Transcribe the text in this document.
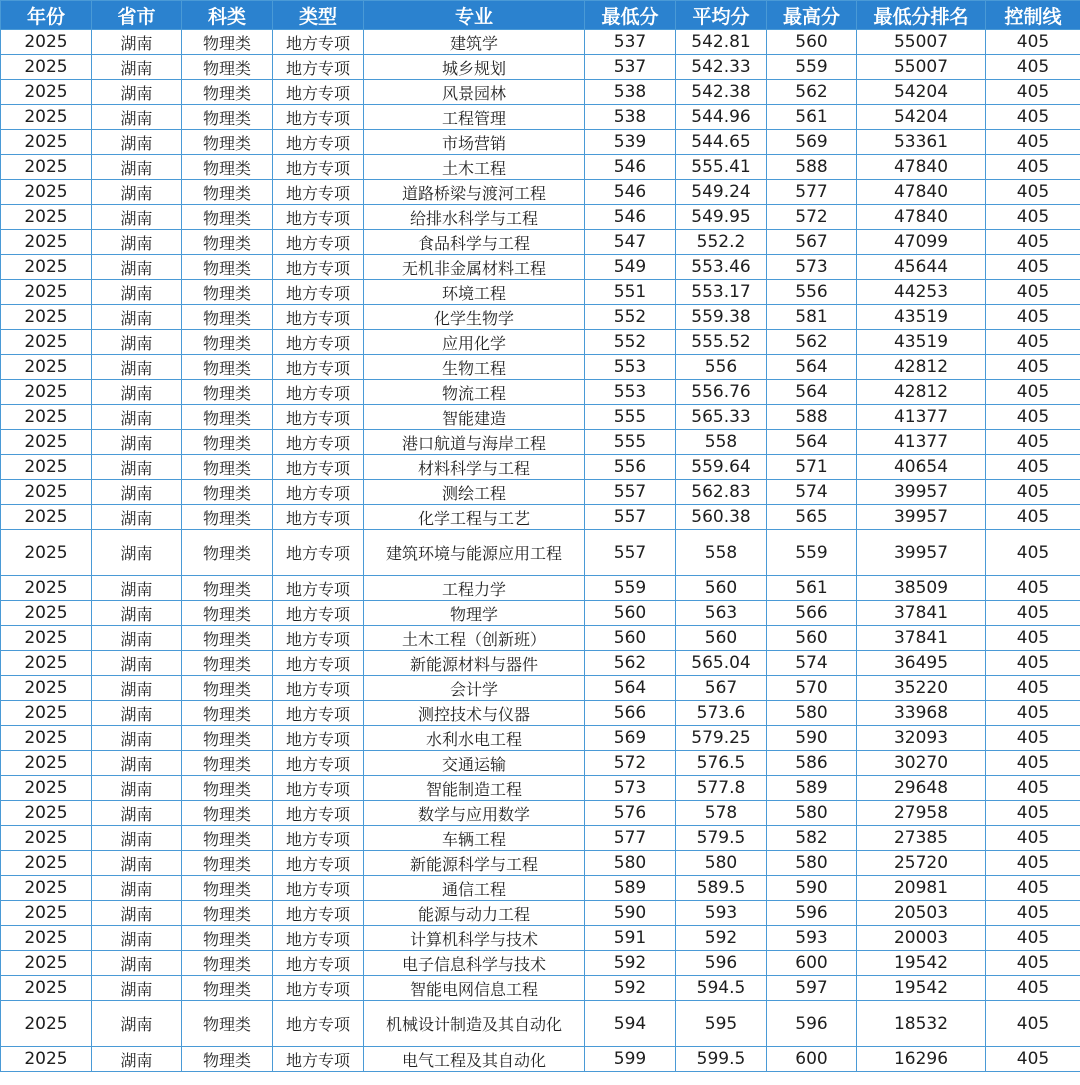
年份	省市	科类	类型	专业	最低分	平均分	最高分	最低分排名	控制线
2025	湖南	物理类	地方专项	建筑学	537	542.81	560	55007	405
2025	湖南	物理类	地方专项	城乡规划	537	542.33	559	55007	405
2025	湖南	物理类	地方专项	风景园林	538	542.38	562	54204	405
2025	湖南	物理类	地方专项	工程管理	538	544.96	561	54204	405
2025	湖南	物理类	地方专项	市场营销	539	544.65	569	53361	405
2025	湖南	物理类	地方专项	土木工程	546	555.41	588	47840	405
2025	湖南	物理类	地方专项	道路桥梁与渡河工程	546	549.24	577	47840	405
2025	湖南	物理类	地方专项	给排水科学与工程	546	549.95	572	47840	405
2025	湖南	物理类	地方专项	食品科学与工程	547	552.2	567	47099	405
2025	湖南	物理类	地方专项	无机非金属材料工程	549	553.46	573	45644	405
2025	湖南	物理类	地方专项	环境工程	551	553.17	556	44253	405
2025	湖南	物理类	地方专项	化学生物学	552	559.38	581	43519	405
2025	湖南	物理类	地方专项	应用化学	552	555.52	562	43519	405
2025	湖南	物理类	地方专项	生物工程	553	556	564	42812	405
2025	湖南	物理类	地方专项	物流工程	553	556.76	564	42812	405
2025	湖南	物理类	地方专项	智能建造	555	565.33	588	41377	405
2025	湖南	物理类	地方专项	港口航道与海岸工程	555	558	564	41377	405
2025	湖南	物理类	地方专项	材料科学与工程	556	559.64	571	40654	405
2025	湖南	物理类	地方专项	测绘工程	557	562.83	574	39957	405
2025	湖南	物理类	地方专项	化学工程与工艺	557	560.38	565	39957	405
2025	湖南	物理类	地方专项	建筑环境与能源应用工程	557	558	559	39957	405
2025	湖南	物理类	地方专项	工程力学	559	560	561	38509	405
2025	湖南	物理类	地方专项	物理学	560	563	566	37841	405
2025	湖南	物理类	地方专项	土木工程（创新班）	560	560	560	37841	405
2025	湖南	物理类	地方专项	新能源材料与器件	562	565.04	574	36495	405
2025	湖南	物理类	地方专项	会计学	564	567	570	35220	405
2025	湖南	物理类	地方专项	测控技术与仪器	566	573.6	580	33968	405
2025	湖南	物理类	地方专项	水利水电工程	569	579.25	590	32093	405
2025	湖南	物理类	地方专项	交通运输	572	576.5	586	30270	405
2025	湖南	物理类	地方专项	智能制造工程	573	577.8	589	29648	405
2025	湖南	物理类	地方专项	数学与应用数学	576	578	580	27958	405
2025	湖南	物理类	地方专项	车辆工程	577	579.5	582	27385	405
2025	湖南	物理类	地方专项	新能源科学与工程	580	580	580	25720	405
2025	湖南	物理类	地方专项	通信工程	589	589.5	590	20981	405
2025	湖南	物理类	地方专项	能源与动力工程	590	593	596	20503	405
2025	湖南	物理类	地方专项	计算机科学与技术	591	592	593	20003	405
2025	湖南	物理类	地方专项	电子信息科学与技术	592	596	600	19542	405
2025	湖南	物理类	地方专项	智能电网信息工程	592	594.5	597	19542	405
2025	湖南	物理类	地方专项	机械设计制造及其自动化	594	595	596	18532	405
2025	湖南	物理类	地方专项	电气工程及其自动化	599	599.5	600	16296	405
